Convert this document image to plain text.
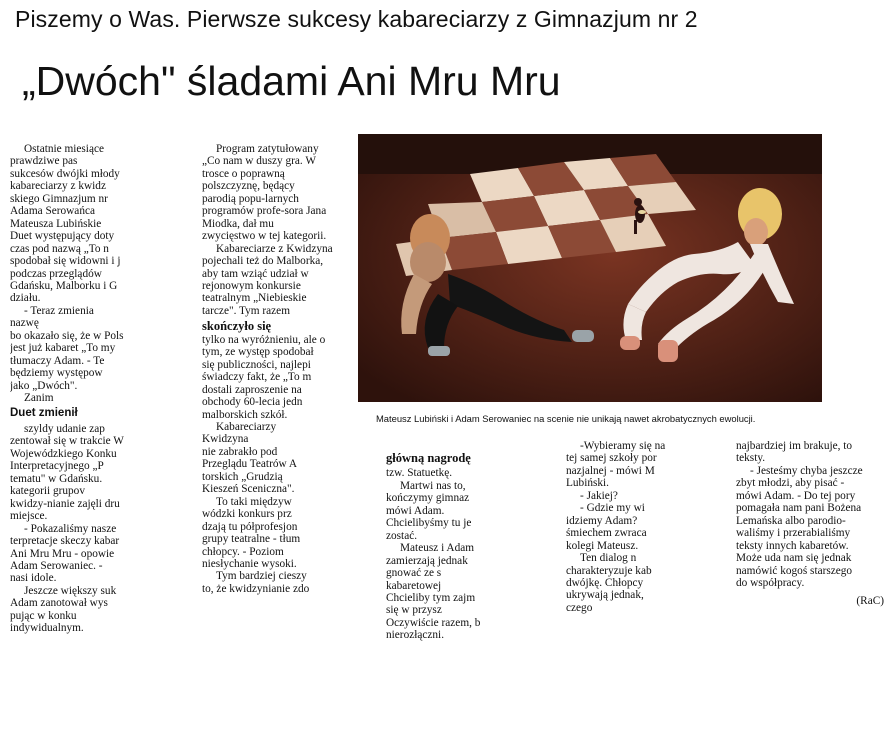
Piszemy o Was. Pierwsze sukcesy kabareciarzy z Gimnazjum nr 2
„Dwóch" śladami Ani Mru Mru

Ostatnie miesiące

prawdziwe pas

sukcesów dwójki młody

kabareciarzy z kwidz

skiego Gimnazjum nr

Adama Serowańca

Mateusza Lubińskie

Duet występujący doty

czas pod nazwą „To n

spodobał się widowni i j

podczas przeglądów

Gdańsku, Malborku i G

działu.

- Teraz zmienia

nazwę

bo okazało się, że w Pols

jest już kabaret „To my

tłumaczy Adam. - Te

będziemy występow

jako „Dwóch".

Zanim

Duet zmienił

szyldy udanie zap

zentował się w trakcie W

Wojewódzkiego Konku

Interpretacyjnego „P

tematu" w Gdańsku.

kategorii grupov

kwidzy-nianie zajęli dru

miejsce.

- Pokazaliśmy nasze

terpretacje skeczy kabar

Ani Mru Mru - opowie

Adam Serowaniec. -

nasi idole.

Jeszcze większy suk

Adam zanotował wys

pując w konku

indywidualnym.

Program zatytułowany

„Co nam w duszy gra. W

trosce o poprawną

polszczyznę, będący

parodią popu-larnych

programów profe-sora Jana

Miodka, dał mu

zwycięstwo w tej kategorii.

Kabareciarze z Kwidzyna

pojechali też do Malborka,

aby tam wziąć udział w

rejonowym konkursie

teatralnym „Niebieskie

tarcze". Tym razem

skończyło się

tylko na wyróżnieniu, ale o

tym, ze występ spodobał

się publiczności, najlepi

świadczy fakt, że „To m

dostali zaproszenie na

obchody 60-lecia jedn

malborskich szkół.

Kabareciarzy

Kwidzyna

nie zabrakło pod

Przeglądu Teatrów A

torskich „Grudzią

Kieszeń Sceniczna".

To taki międzyw

wódzki konkurs prz

dzają tu półprofesjon

grupy teatralne - tłum

chłopcy. - Poziom

niesłychanie wysoki.

Tym bardziej cieszy

to, że kwidzynianie zdo

Mateusz Lubiński i Adam Serowaniec na scenie nie unikają nawet akrobatycznych ewolucji.
główną nagrodę

tzw. Statuetkę.

Martwi nas to,

kończymy gimnaz

mówi Adam.

Chcielibyśmy tu je

zostać.

Mateusz i Adam

zamierzają jednak

gnować ze s

kabaretowej

Chcieliby tym zajm

się w przysz

Oczywiście razem, b

nierozłączni.

-Wybieramy się na

tej samej szkoły por

nazjalnej - mówi M

Lubiński.

- Jakiej?

- Gdzie my wi

idziemy Adam?

śmiechem zwraca

kolegi Mateusz.

Ten dialog n

charakteryzuje kab

dwójkę. Chłopcy

ukrywają jednak,

czego

najbardziej im brakuje, to

teksty.

- Jesteśmy chyba jeszcze

zbyt młodzi, aby pisać -

mówi Adam. - Do tej pory

pomagała nam pani Bożena

Lemańska albo parodio-

waliśmy i przerabialiśmy

teksty innych kabaretów.

Może uda nam się jednak

namówić kogoś starszego

do współpracy.

(RaC)
